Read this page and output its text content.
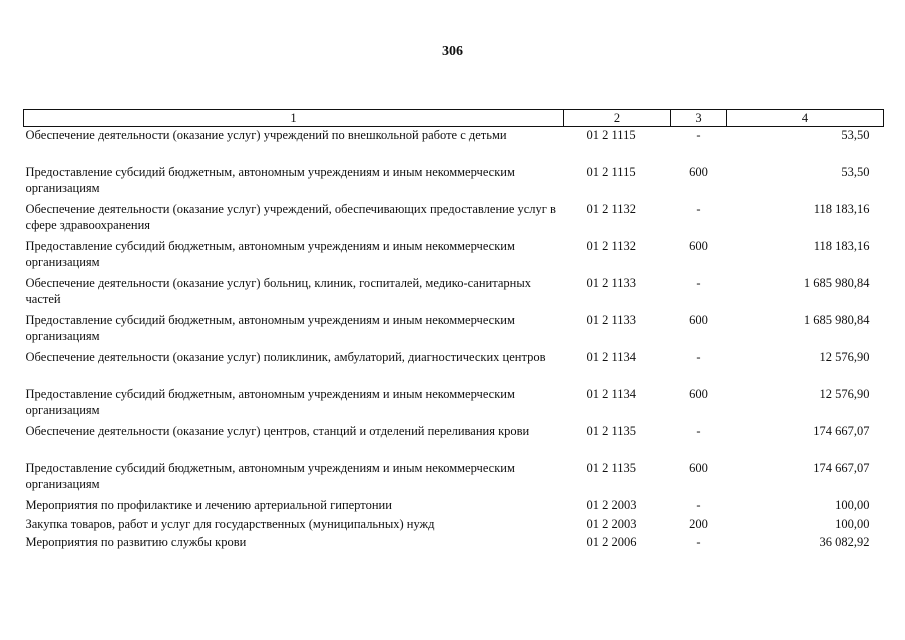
306
1	2	3	4
Обеспечение деятельности (оказание услуг) учреждений по внешкольной работе с детьми	01 2 1115	-	53,50
Предоставление субсидий бюджетным, автономным учреждениям и иным некоммерческим организациям	01 2 1115	600	53,50
Обеспечение деятельности (оказание услуг) учреждений, обеспечивающих предоставление услуг в сфере здравоохранения	01 2 1132	-	118 183,16
Предоставление субсидий бюджетным, автономным учреждениям и иным некоммерческим организациям	01 2 1132	600	118 183,16
Обеспечение деятельности (оказание услуг) больниц, клиник, госпиталей, медико-санитарных частей	01 2 1133	-	1 685 980,84
Предоставление субсидий бюджетным, автономным учреждениям и иным некоммерческим организациям	01 2 1133	600	1 685 980,84
Обеспечение деятельности (оказание услуг) поликлиник, амбулаторий, диагностических центров	01 2 1134	-	12 576,90
Предоставление субсидий бюджетным, автономным учреждениям и иным некоммерческим организациям	01 2 1134	600	12 576,90
Обеспечение деятельности (оказание услуг) центров, станций и отделений переливания крови	01 2 1135	-	174 667,07
Предоставление субсидий бюджетным, автономным учреждениям и иным некоммерческим организациям	01 2 1135	600	174 667,07
Мероприятия по профилактике и лечению артериальной гипертонии	01 2 2003	-	100,00
Закупка товаров, работ и услуг для государственных (муниципальных) нужд	01 2 2003	200	100,00
Мероприятия по развитию службы крови	01 2 2006	-	36 082,92
